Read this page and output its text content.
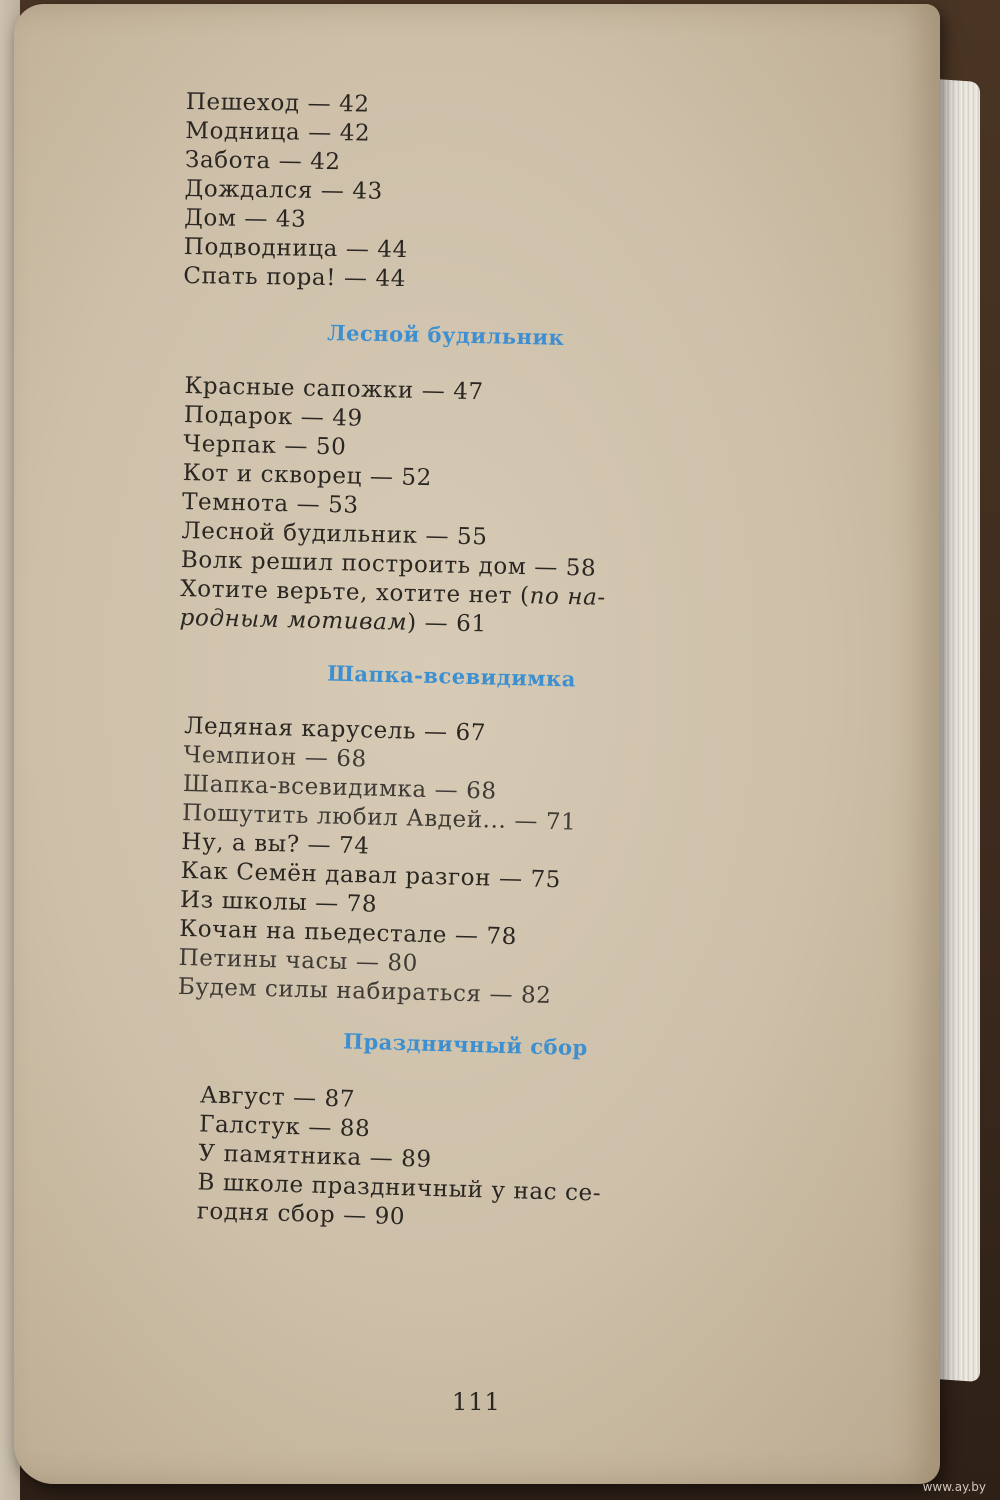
Пешеход — 42
Модница — 42
Забота — 42
Дождался — 43
Дом — 43
Подводница — 44
Спать пора! — 44
Лесной будильник
Красные сапожки — 47
Подарок — 49
Черпак — 50
Кот и скворец — 52
Темнота — 53
Лесной будильник — 55
Волк решил построить дом — 58
Хотите верьте, хотите нет (по на-
родным мотивам) — 61
Шапка-всевидимка
Ледяная карусель — 67
Чемпион — 68
Шапка-всевидимка — 68
Пошутить любил Авдей... — 71
Ну, а вы? — 74
Как Семён давал разгон — 75
Из школы — 78
Кочан на пьедестале — 78
Петины часы — 80
Будем силы набираться — 82
Праздничный сбор
Август — 87
Галстук — 88
У памятника — 89
В школе праздничный у нас се-
годня сбор — 90
111
www.ay.by
